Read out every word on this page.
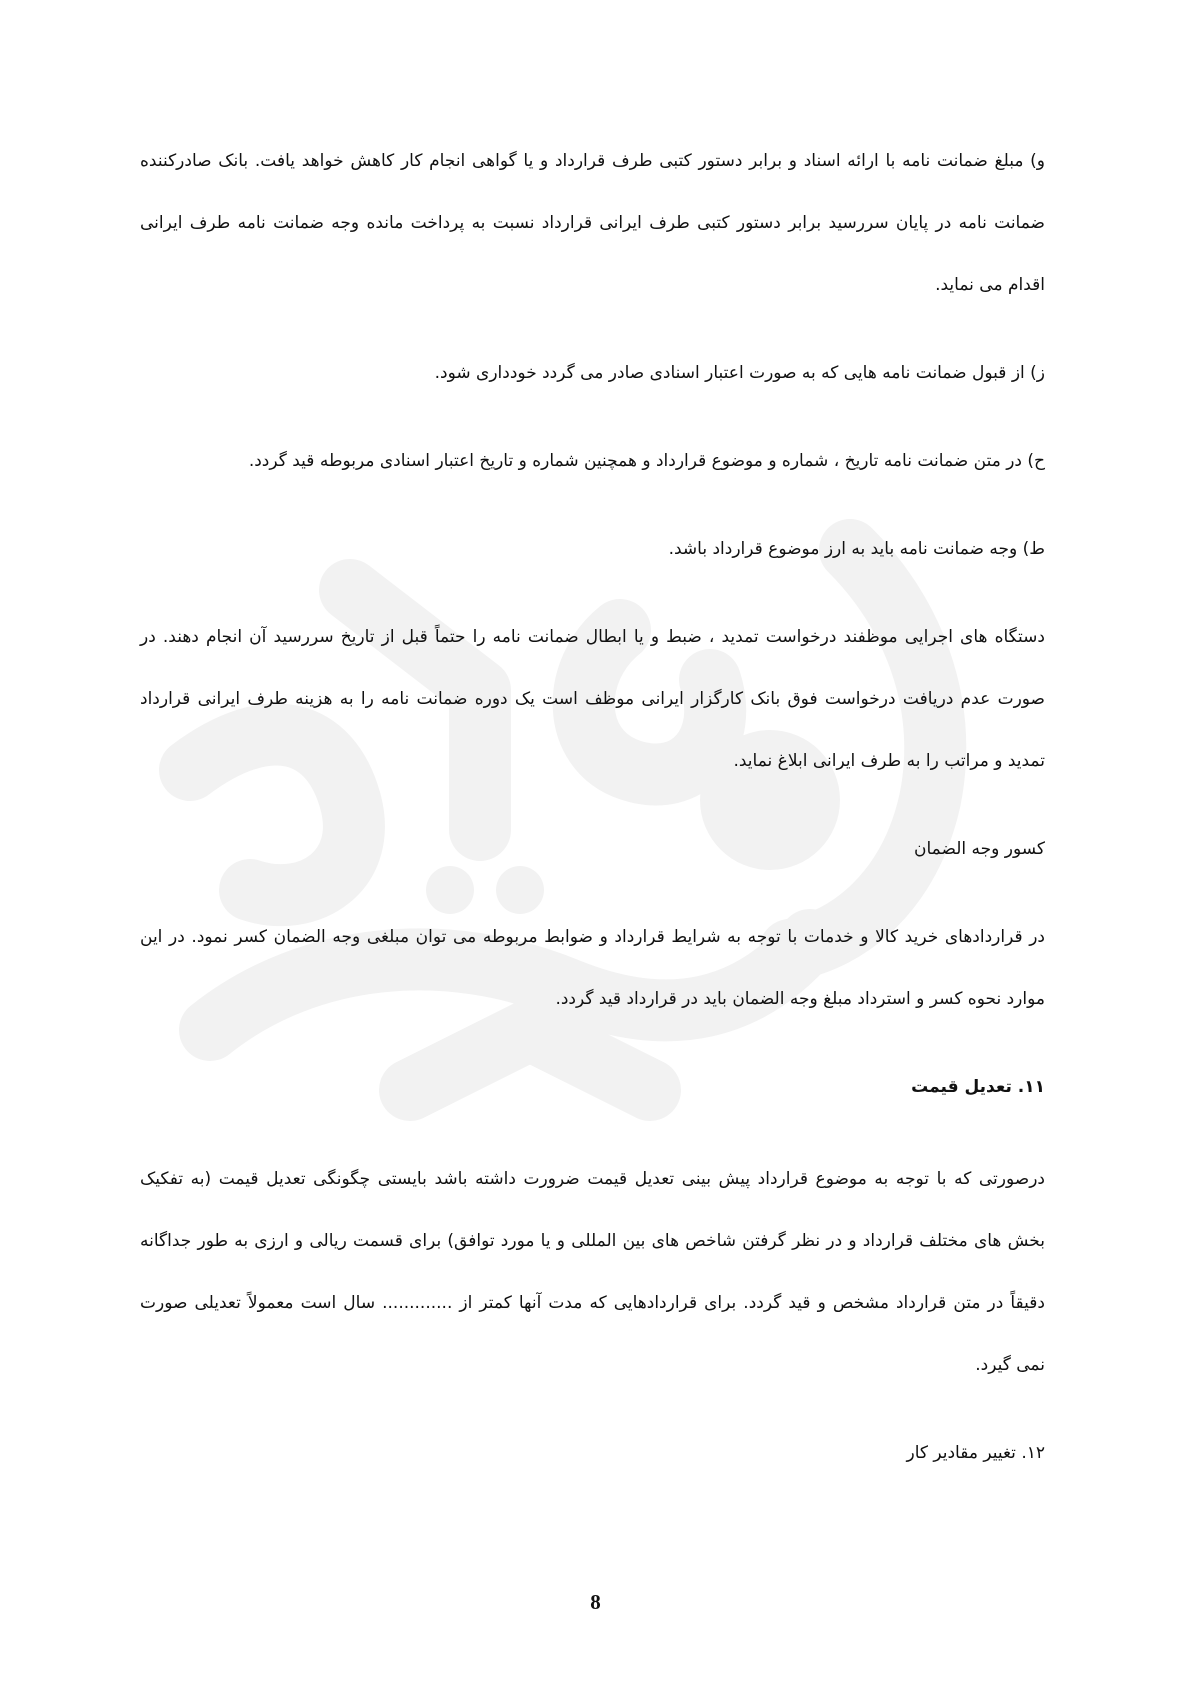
و) مبلغ ضمانت نامه با ارائه اسناد و برابر دستور کتبی طرف قرارداد و یا گواهی انجام کار کاهش خواهد یافت. بانک صادرکننده ضمانت نامه در پایان سررسید برابر دستور کتبی طرف ایرانی قرارداد نسبت به پرداخت مانده وجه ضمانت نامه طرف ایرانی اقدام می نماید.

ز) از قبول ضمانت نامه هایی که به صورت اعتبار اسنادی صادر می گردد خودداری شود.

ح) در متن ضمانت نامه تاریخ ، شماره و موضوع قرارداد و همچنین شماره و تاریخ اعتبار اسنادی مربوطه قید گردد.

ط) وجه ضمانت نامه باید به ارز موضوع قرارداد باشد.

دستگاه های اجرایی موظفند درخواست تمدید ، ضبط و یا ابطال ضمانت نامه را حتماً قبل از تاریخ سررسید آن انجام دهند. در صورت عدم دریافت درخواست فوق بانک کارگزار ایرانی موظف است یک دوره ضمانت نامه را به هزینه طرف ایرانی قرارداد تمدید و مراتب را به طرف ایرانی ابلاغ نماید.

کسور وجه الضمان

در قراردادهای خرید کالا و خدمات با توجه به شرایط قرارداد و ضوابط مربوطه می توان مبلغی وجه الضمان کسر نمود. در این موارد نحوه کسر و استرداد مبلغ وجه الضمان باید در قرارداد قید گردد.

۱۱. تعدیل قیمت

درصورتی که با توجه به موضوع قرارداد پیش بینی تعدیل قیمت ضرورت داشته باشد بایستی چگونگی تعدیل قیمت (به تفکیک بخش های مختلف قرارداد و در نظر گرفتن شاخص های بین المللی و یا مورد توافق) برای قسمت ریالی و ارزی به طور جداگانه دقیقاً در متن قرارداد مشخص و قید گردد. برای قراردادهایی که مدت آنها کمتر از ............. سال است معمولاً تعدیلی صورت نمی گیرد.

۱۲. تغییر مقادیر کار

8
